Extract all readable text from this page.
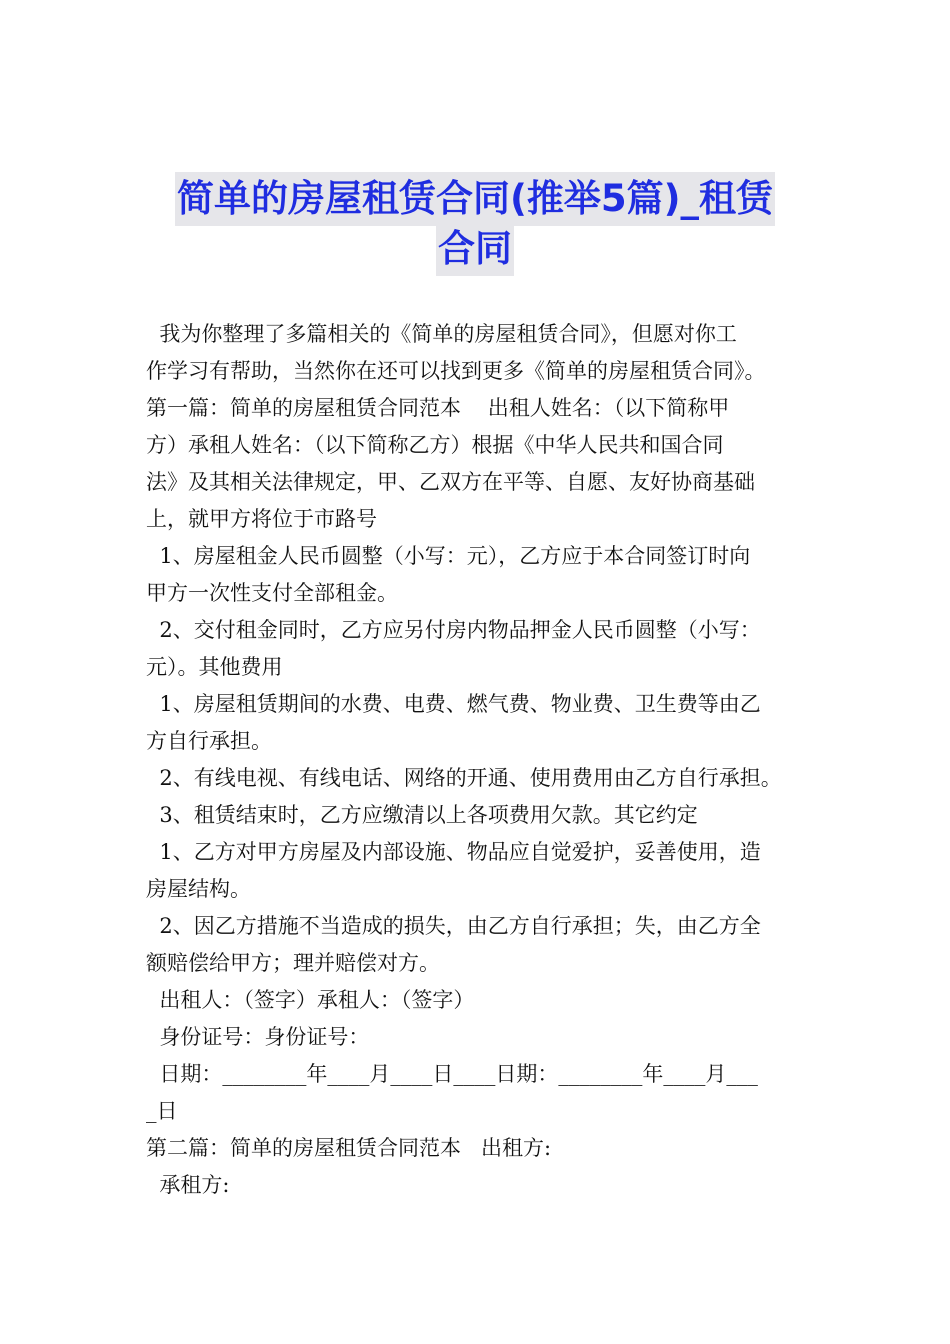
简单的房屋租赁合同(推举5篇)_租赁
合同
我为你整理了多篇相关的《简单的房屋租赁合同》，但愿对你工
作学习有帮助，当然你在还可以找到更多《简单的房屋租赁合同》。
第一篇：简单的房屋租赁合同范本    出租人姓名：（以下简称甲
方）承租人姓名：（以下简称乙方）根据《中华人民共和国合同
法》及其相关法律规定，甲、乙双方在平等、自愿、友好协商基础
上，就甲方将位于市路号
1、房屋租金人民币圆整（小写：元），乙方应于本合同签订时向
甲方一次性支付全部租金。
2、交付租金同时，乙方应另付房内物品押金人民币圆整（小写：
元）。其他费用
1、房屋租赁期间的水费、电费、燃气费、物业费、卫生费等由乙
方自行承担。
2、有线电视、有线电话、网络的开通、使用费用由乙方自行承担。
3、租赁结束时，乙方应缴清以上各项费用欠款。其它约定
1、乙方对甲方房屋及内部设施、物品应自觉爱护，妥善使用，造
房屋结构。
2、因乙方措施不当造成的损失，由乙方自行承担；失，由乙方全
额赔偿给甲方；理并赔偿对方。
出租人：（签字）承租人：（签字）
身份证号：身份证号：
日期：________年____月____日____日期：________年____月___
_日
第二篇：简单的房屋租赁合同范本   出租方:
承租方:
